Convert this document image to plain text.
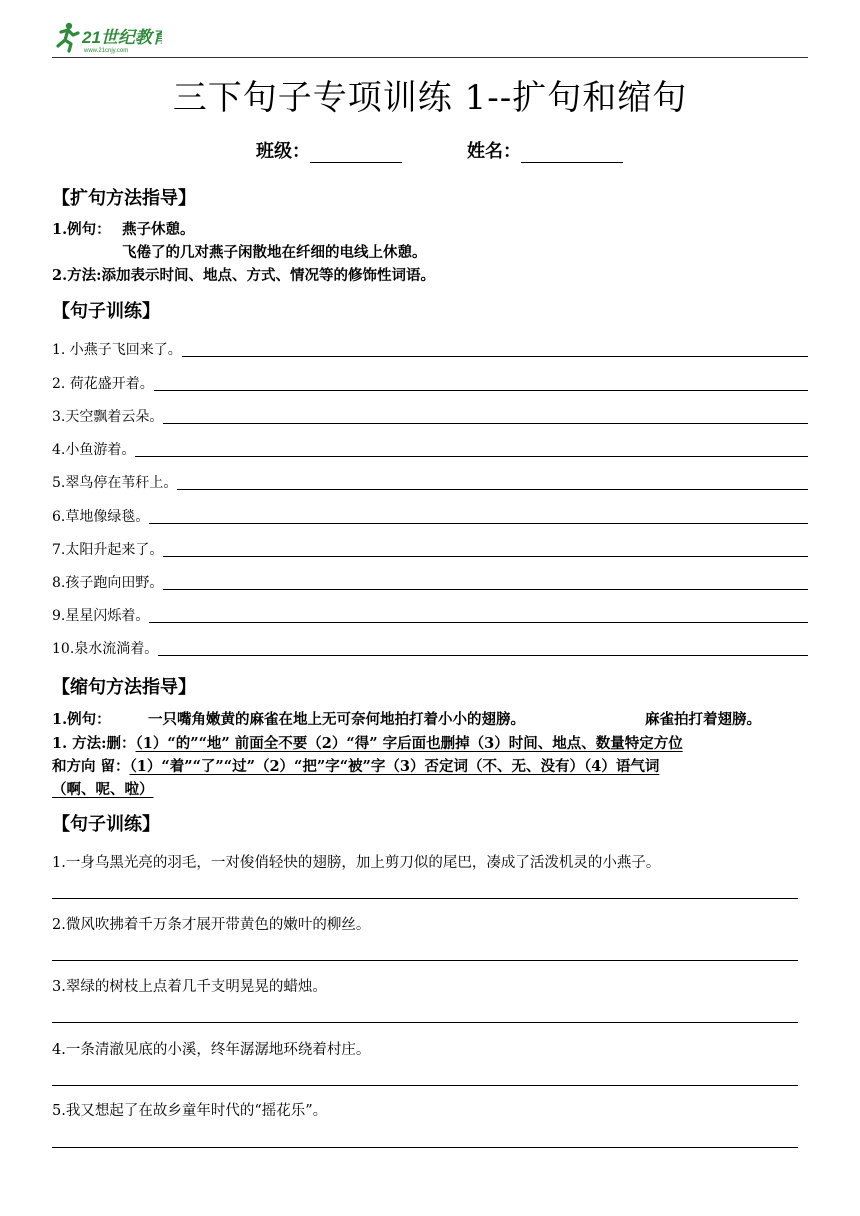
21世纪教育
www.21cnjy.com
三下句子专项训练 1--扩句和缩句
班级：	姓名：
【扩句方法指导】
1.例句： 燕子休憩。
飞倦了的几对燕子闲散地在纤细的电线上休憩。
2.方法:添加表示时间、地点、方式、情况等的修饰性词语。
【句子训练】
1. 小燕子飞回来了。
2. 荷花盛开着。
3.天空飘着云朵。
4.小鱼游着。
5.翠鸟停在苇秆上。
6.草地像绿毯。
7.太阳升起来了。
8.孩子跑向田野。
9.星星闪烁着。
10.泉水流淌着。
【缩句方法指导】
1.例句：	一只嘴角嫩黄的麻雀在地上无可奈何地拍打着小小的翅膀。	麻雀拍打着翅膀。
1. 方法:删：（1）“的”“地” 前面全不要（2）“得” 字后面也删掉（3）时间、地点、数量特定方位
和方向 留：（1）“着”“了”“过”（2）“把”字“被”字（3）否定词（不、无、没有）（4）语气词
（啊、呢、啦）
【句子训练】
1.一身乌黑光亮的羽毛，一对俊俏轻快的翅膀，加上剪刀似的尾巴，凑成了活泼机灵的小燕子。
2.微风吹拂着千万条才展开带黄色的嫩叶的柳丝。
3.翠绿的树枝上点着几千支明晃晃的蜡烛。
4.一条清澈见底的小溪，终年潺潺地环绕着村庄。
5.我又想起了在故乡童年时代的“摇花乐”。
